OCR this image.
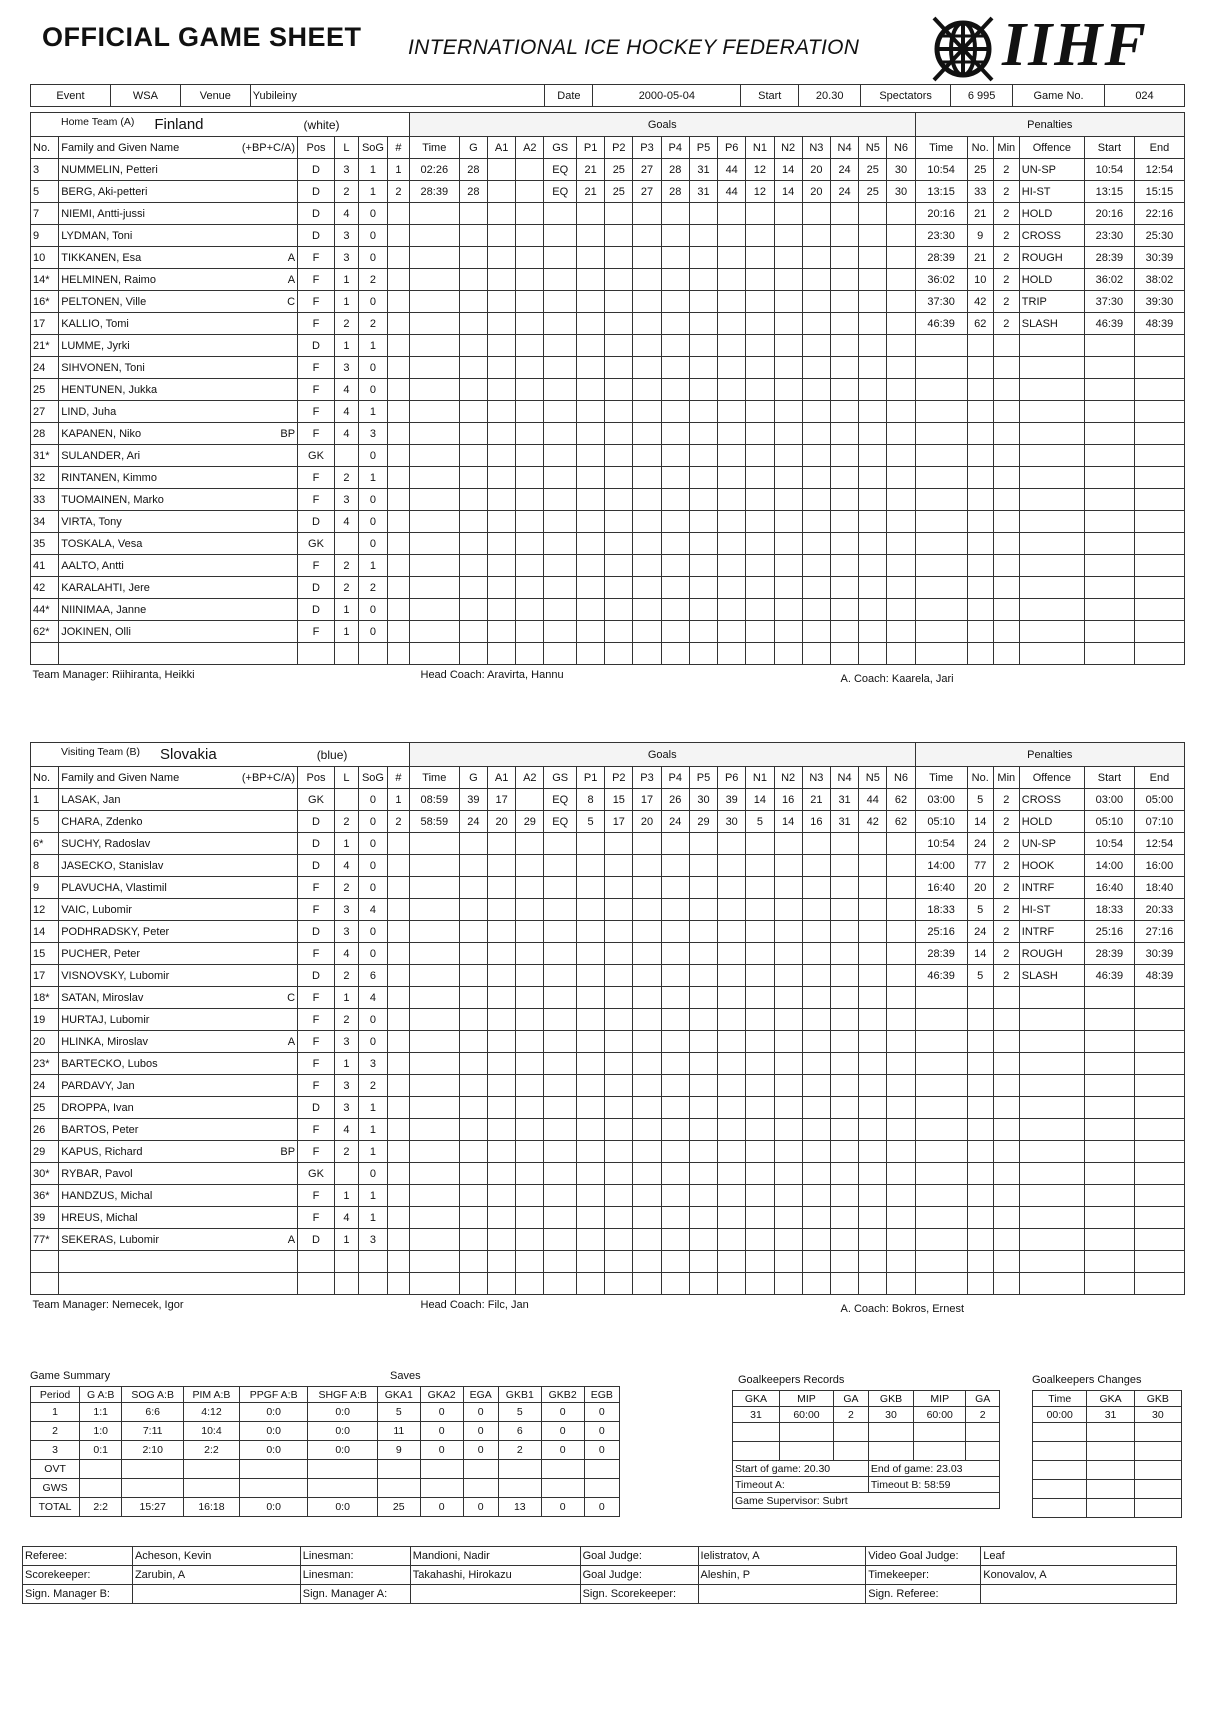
OFFICIAL GAME SHEET INTERNATIONAL ICE HOCKEY FEDERATION IIHF
Event	WSA	Venue	Yubileiny	Date	2000-05-04	Start	20.30	Spectators	6 995	Game No.	024
Home Team (A) Finland (white)						Goals																	Penalties					
No.	Family and Given Name (+BP+C/A)	Pos	L	SoG	#	Time	G	A1	A2	GS	P1	P2	P3	P4	P5	P6	N1	N2	N3	N4	N5	N6	Time	No.	Min	Offence	Start	End
3	NUMMELIN, Petteri	D	3	1	1	02:26	28			EQ	21	25	27	28	31	44	12	14	20	24	25	30	10:54	25	2	UN-SP	10:54	12:54
5	BERG, Aki-petteri	D	2	1	2	28:39	28			EQ	21	25	27	28	31	44	12	14	20	24	25	30	13:15	33	2	HI-ST	13:15	15:15
7	NIEMI, Antti-jussi	D	4	0																			20:16	21	2	HOLD	20:16	22:16
9	LYDMAN, Toni	D	3	0																			23:30	9	2	CROSS	23:30	25:30
10	TIKKANEN, Esa A	F	3	0																			28:39	21	2	ROUGH	28:39	30:39
14*	HELMINEN, Raimo A	F	1	2																			36:02	10	2	HOLD	36:02	38:02
16*	PELTONEN, Ville C	F	1	0																			37:30	42	2	TRIP	37:30	39:30
17	KALLIO, Tomi	F	2	2																			46:39	62	2	SLASH	46:39	48:39
21*	LUMME, Jyrki	D	1	1																								
24	SIHVONEN, Toni	F	3	0																								
25	HENTUNEN, Jukka	F	4	0																								
27	LIND, Juha	F	4	1																								
28	KAPANEN, Niko BP	F	4	3																								
31*	SULANDER, Ari	GK		0																								
32	RINTANEN, Kimmo	F	2	1																								
33	TUOMAINEN, Marko	F	3	0																								
34	VIRTA, Tony	D	4	0																								
35	TOSKALA, Vesa	GK		0																								
41	AALTO, Antti	F	2	1																								
42	KARALAHTI, Jere	D	2	2																								
44*	NIINIMAA, Janne	D	1	0																								
62*	JOKINEN, Olli	F	1	0																								

Team Manager: Riihiranta, Heikki Head Coach: Aravirta, Hannu A. Coach: Kaarela, Jari																												
Visiting Team (B) Slovakia (blue)						Goals																	Penalties					
No.	Family and Given Name (+BP+C/A)	Pos	L	SoG	#	Time	G	A1	A2	GS	P1	P2	P3	P4	P5	P6	N1	N2	N3	N4	N5	N6	Time	No.	Min	Offence	Start	End
1	LASAK, Jan	GK		0	1	08:59	39	17		EQ	8	15	17	26	30	39	14	16	21	31	44	62	03:00	5	2	CROSS	03:00	05:00
5	CHARA, Zdenko	D	2	0	2	58:59	24	20	29	EQ	5	17	20	24	29	30	5	14	16	31	42	62	05:10	14	2	HOLD	05:10	07:10
6*	SUCHY, Radoslav	D	1	0																			10:54	24	2	UN-SP	10:54	12:54
8	JASECKO, Stanislav	D	4	0																			14:00	77	2	HOOK	14:00	16:00
9	PLAVUCHA, Vlastimil	F	2	0																			16:40	20	2	INTRF	16:40	18:40
12	VAIC, Lubomir	F	3	4																			18:33	5	2	HI-ST	18:33	20:33
14	PODHRADSKY, Peter	D	3	0																			25:16	24	2	INTRF	25:16	27:16
15	PUCHER, Peter	F	4	0																			28:39	14	2	ROUGH	28:39	30:39
17	VISNOVSKY, Lubomir	D	2	6																			46:39	5	2	SLASH	46:39	48:39
18*	SATAN, Miroslav C	F	1	4																								
19	HURTAJ, Lubomir	F	2	0																								
20	HLINKA, Miroslav A	F	3	0																								
23*	BARTECKO, Lubos	F	1	3																								
24	PARDAVY, Jan	F	3	2																								
25	DROPPA, Ivan	D	3	1																								
26	BARTOS, Peter	F	4	1																								
29	KAPUS, Richard BP	F	2	1																								
30*	RYBAR, Pavol	GK		0																								
36*	HANDZUS, Michal	F	1	1																								
39	HREUS, Michal	F	4	1																								
77*	SEKERAS, Lubomir A	D	1	3																								

Team Manager: Nemecek, Igor Head Coach: Filc, Jan A. Coach: Bokros, Ernest																												
Game Summary	Saves
Period	G A:B	SOG A:B	PIM A:B	PPGF A:B	SHGF A:B	GKA1	GKA2	EGA	GKB1	GKB2	EGB
1	1:1	6:6	4:12	0:0	0:0	5	0	0	5	0	0
2	1:0	7:11	10:4	0:0	0:0	11	0	0	6	0	0
3	0:1	2:10	2:2	0:0	0:0	9	0	0	2	0	0
OVT											
GWS											
TOTAL	2:2	15:27	16:18	0:0	0:0	25	0	0	13	0	0
Goalkeepers Records
GKA	MIP	GA	GKB	MIP	GA
31	60:00	2	30	60:00	2

Start of game: 20.30			End of game: 23.03		
Timeout A:			Timeout B: 58:59		
Game Supervisor: Subrt					
Goalkeepers Changes
Time	GKA	GKB
00:00	31	30

Referee:	Acheson, Kevin	Linesman:	Mandioni, Nadir	Goal Judge:	Ielistratov, A	Video Goal Judge:	Leaf
Scorekeeper:	Zarubin, A	Linesman:	Takahashi, Hirokazu	Goal Judge:	Aleshin, P	Timekeeper:	Konovalov, A
Sign. Manager B:		Sign. Manager A:		Sign. Scorekeeper:		Sign. Referee:	
